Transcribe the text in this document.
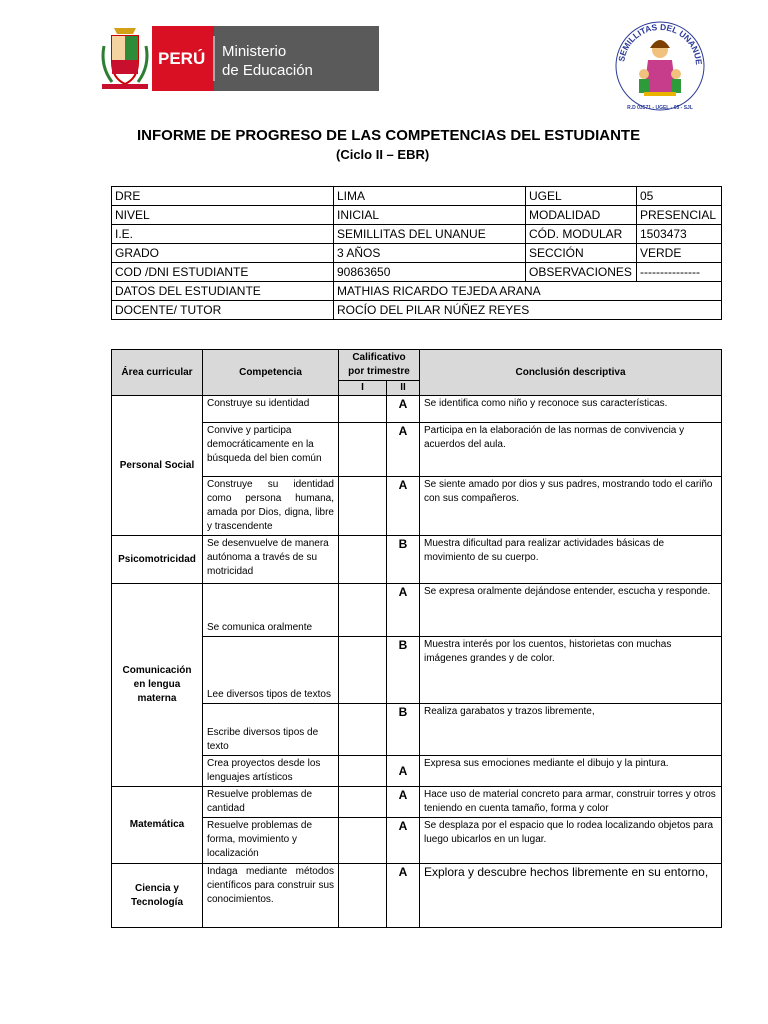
PERÚ Ministerio
de Educación
SEMILLITAS DEL UNANUE
R.D 03571 - UGEL - 05 - SJL
INFORME DE PROGRESO DE LAS COMPETENCIAS DEL ESTUDIANTE
(Ciclo II – EBR)
DRE	LIMA	UGEL	05
NIVEL	INICIAL	MODALIDAD	PRESENCIAL
I.E.	SEMILLITAS DEL UNANUE	CÓD. MODULAR	1503473
GRADO	3 AÑOS	SECCIÓN	VERDE
COD /DNI ESTUDIANTE	90863650	OBSERVACIONES	---------------
DATOS DEL ESTUDIANTE	MATHIAS RICARDO TEJEDA ARANA		
DOCENTE/ TUTOR	ROCÍO DEL PILAR NÚÑEZ REYES		
Área curricular	Competencia	Calificativo por trimestre		Conclusión descriptiva
		I	II	
Personal Social	Construye su identidad		A	Se identifica como niño y reconoce sus características.
	Convive y participa democráticamente en la búsqueda del bien común		A	Participa en la elaboración de las normas de convivencia y acuerdos del aula.
	Construye su identidad como persona humana, amada por Dios, digna, libre y trascendente		A	Se siente amado por dios y sus padres, mostrando todo el cariño con sus compañeros.
Psicomotricidad	Se desenvuelve de manera autónoma a través de su motricidad		B	Muestra dificultad para realizar actividades básicas de movimiento de su cuerpo.
Comunicación en lengua materna	Se comunica oralmente		A	Se expresa oralmente dejándose entender, escucha y responde.
	Lee diversos tipos de textos		B	Muestra interés por los cuentos, historietas con muchas imágenes grandes y de color.
	Escribe diversos tipos de texto		B	Realiza garabatos y trazos libremente,
	Crea proyectos desde los lenguajes artísticos		A	Expresa sus emociones mediante el dibujo y la pintura.
Matemática	Resuelve problemas de cantidad		A	Hace uso de material concreto para armar, construir torres y otros teniendo en cuenta tamaño, forma y color
	Resuelve problemas de forma, movimiento y localización		A	Se desplaza por el espacio que lo rodea localizando objetos para luego ubicarlos en un lugar.
Ciencia y Tecnología	Indaga mediante métodos científicos para construir sus conocimientos.		A	Explora y descubre hechos libremente en su entorno,
